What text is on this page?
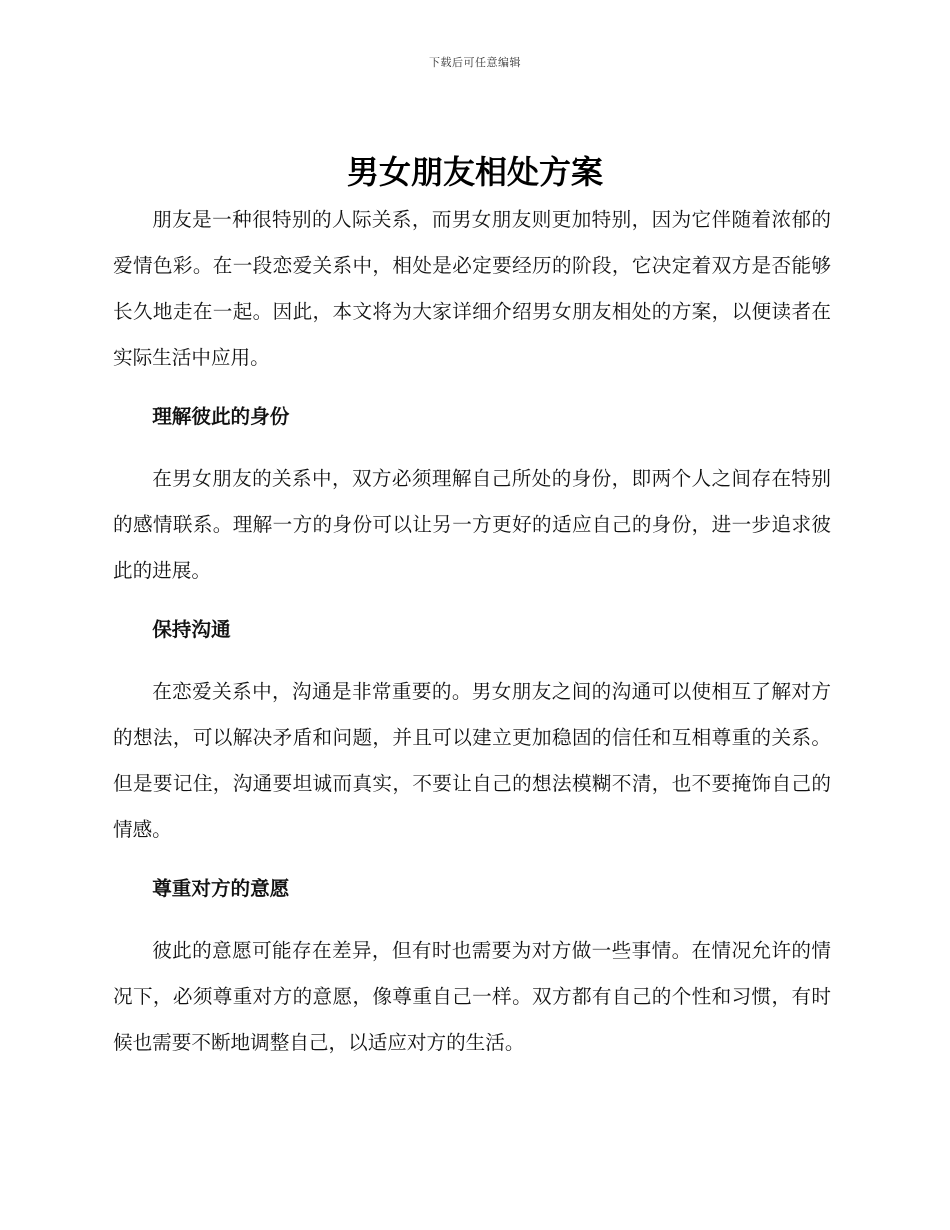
下载后可任意编辑
男女朋友相处方案

朋友是一种很特别的人际关系，而男女朋友则更加特别，因为它伴随着浓郁的爱情色彩。在一段恋爱关系中，相处是必定要经历的阶段，它决定着双方是否能够长久地走在一起。因此，本文将为大家详细介绍男女朋友相处的方案，以便读者在实际生活中应用。

理解彼此的身份

在男女朋友的关系中，双方必须理解自己所处的身份，即两个人之间存在特别的感情联系。理解一方的身份可以让另一方更好的适应自己的身份，进一步追求彼此的进展。

保持沟通

在恋爱关系中，沟通是非常重要的。男女朋友之间的沟通可以使相互了解对方的想法，可以解决矛盾和问题，并且可以建立更加稳固的信任和互相尊重的关系。但是要记住，沟通要坦诚而真实，不要让自己的想法模糊不清，也不要掩饰自己的情感。

尊重对方的意愿

彼此的意愿可能存在差异，但有时也需要为对方做一些事情。在情况允许的情况下，必须尊重对方的意愿，像尊重自己一样。双方都有自己的个性和习惯，有时候也需要不断地调整自己，以适应对方的生活。
